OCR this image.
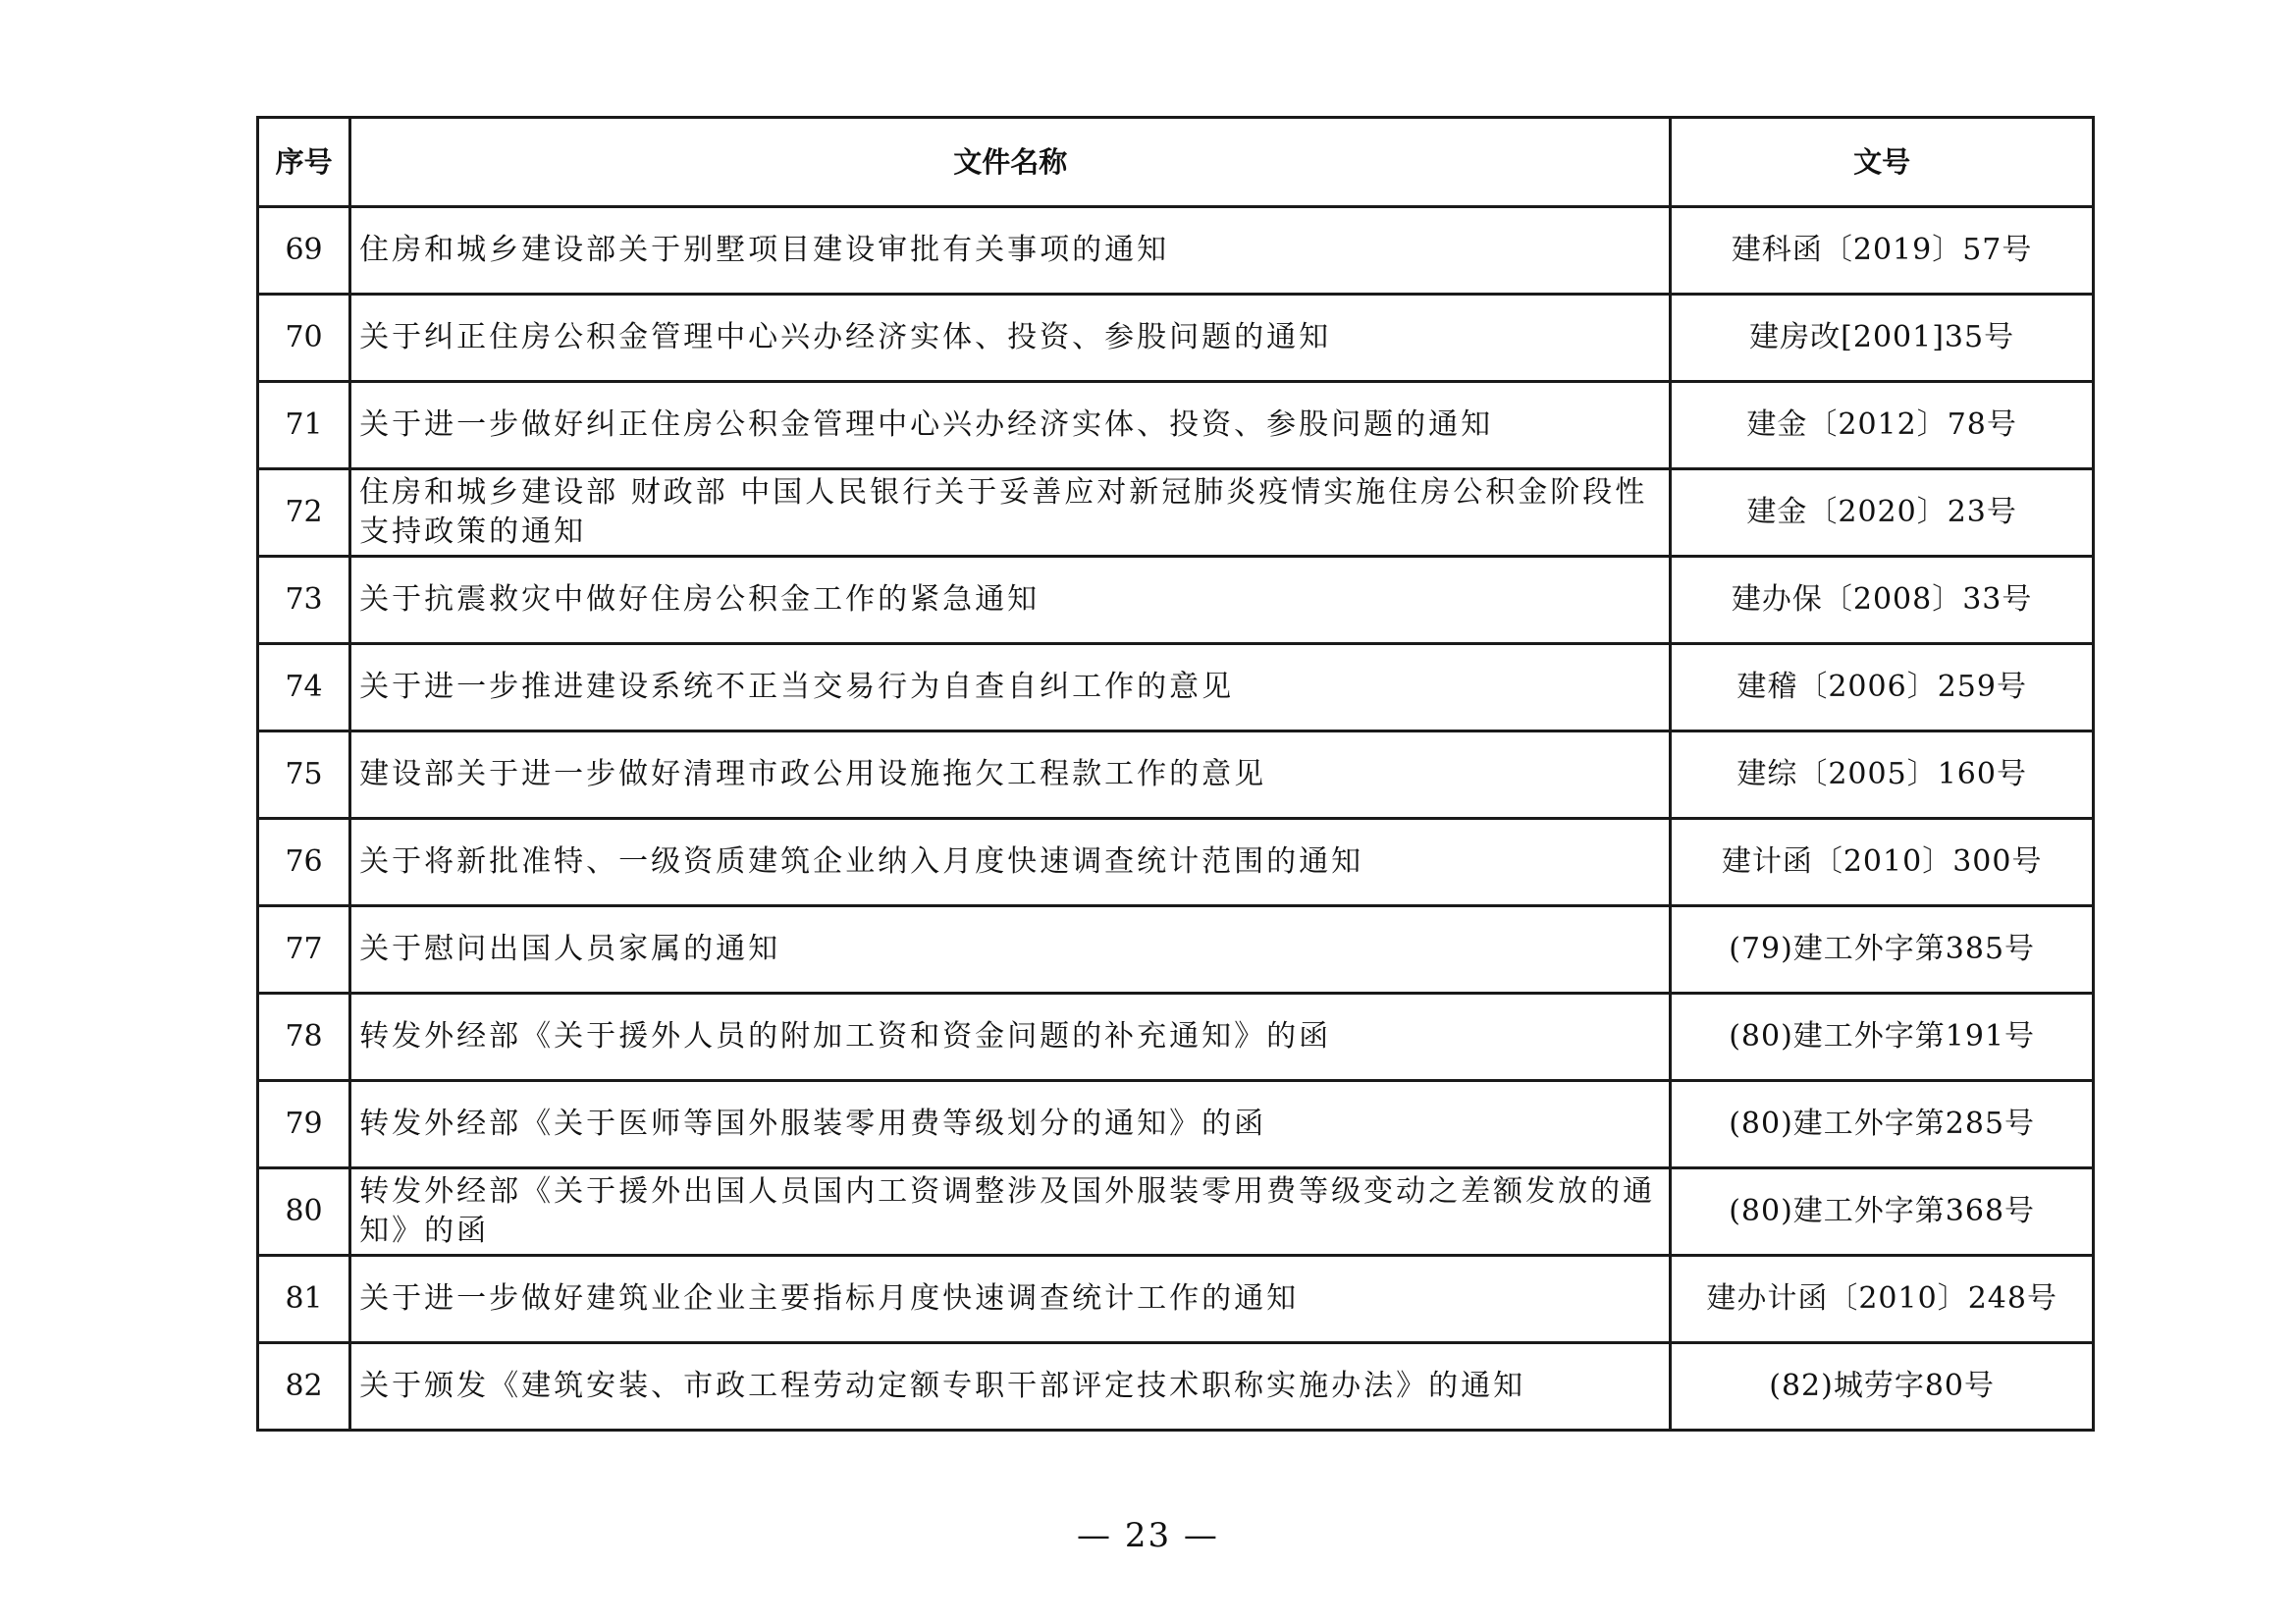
序号	文件名称	文号
69	住房和城乡建设部关于别墅项目建设审批有关事项的通知	建科函〔2019〕57号
70	关于纠正住房公积金管理中心兴办经济实体、投资、参股问题的通知	建房改[2001]35号
71	关于进一步做好纠正住房公积金管理中心兴办经济实体、投资、参股问题的通知	建金〔2012〕78号
72	住房和城乡建设部 财政部 中国人民银行关于妥善应对新冠肺炎疫情实施住房公积金阶段性支持政策的通知	建金〔2020〕23号
73	关于抗震救灾中做好住房公积金工作的紧急通知	建办保〔2008〕33号
74	关于进一步推进建设系统不正当交易行为自查自纠工作的意见	建稽〔2006〕259号
75	建设部关于进一步做好清理市政公用设施拖欠工程款工作的意见	建综〔2005〕160号
76	关于将新批准特、一级资质建筑企业纳入月度快速调查统计范围的通知	建计函〔2010〕300号
77	关于慰问出国人员家属的通知	(79)建工外字第385号
78	转发外经部《关于援外人员的附加工资和资金问题的补充通知》的函	(80)建工外字第191号
79	转发外经部《关于医师等国外服装零用费等级划分的通知》的函	(80)建工外字第285号
80	转发外经部《关于援外出国人员国内工资调整涉及国外服装零用费等级变动之差额发放的通知》的函	(80)建工外字第368号
81	关于进一步做好建筑业企业主要指标月度快速调查统计工作的通知	建办计函〔2010〕248号
82	关于颁发《建筑安装、市政工程劳动定额专职干部评定技术职称实施办法》的通知	(82)城劳字80号
— 23 —
